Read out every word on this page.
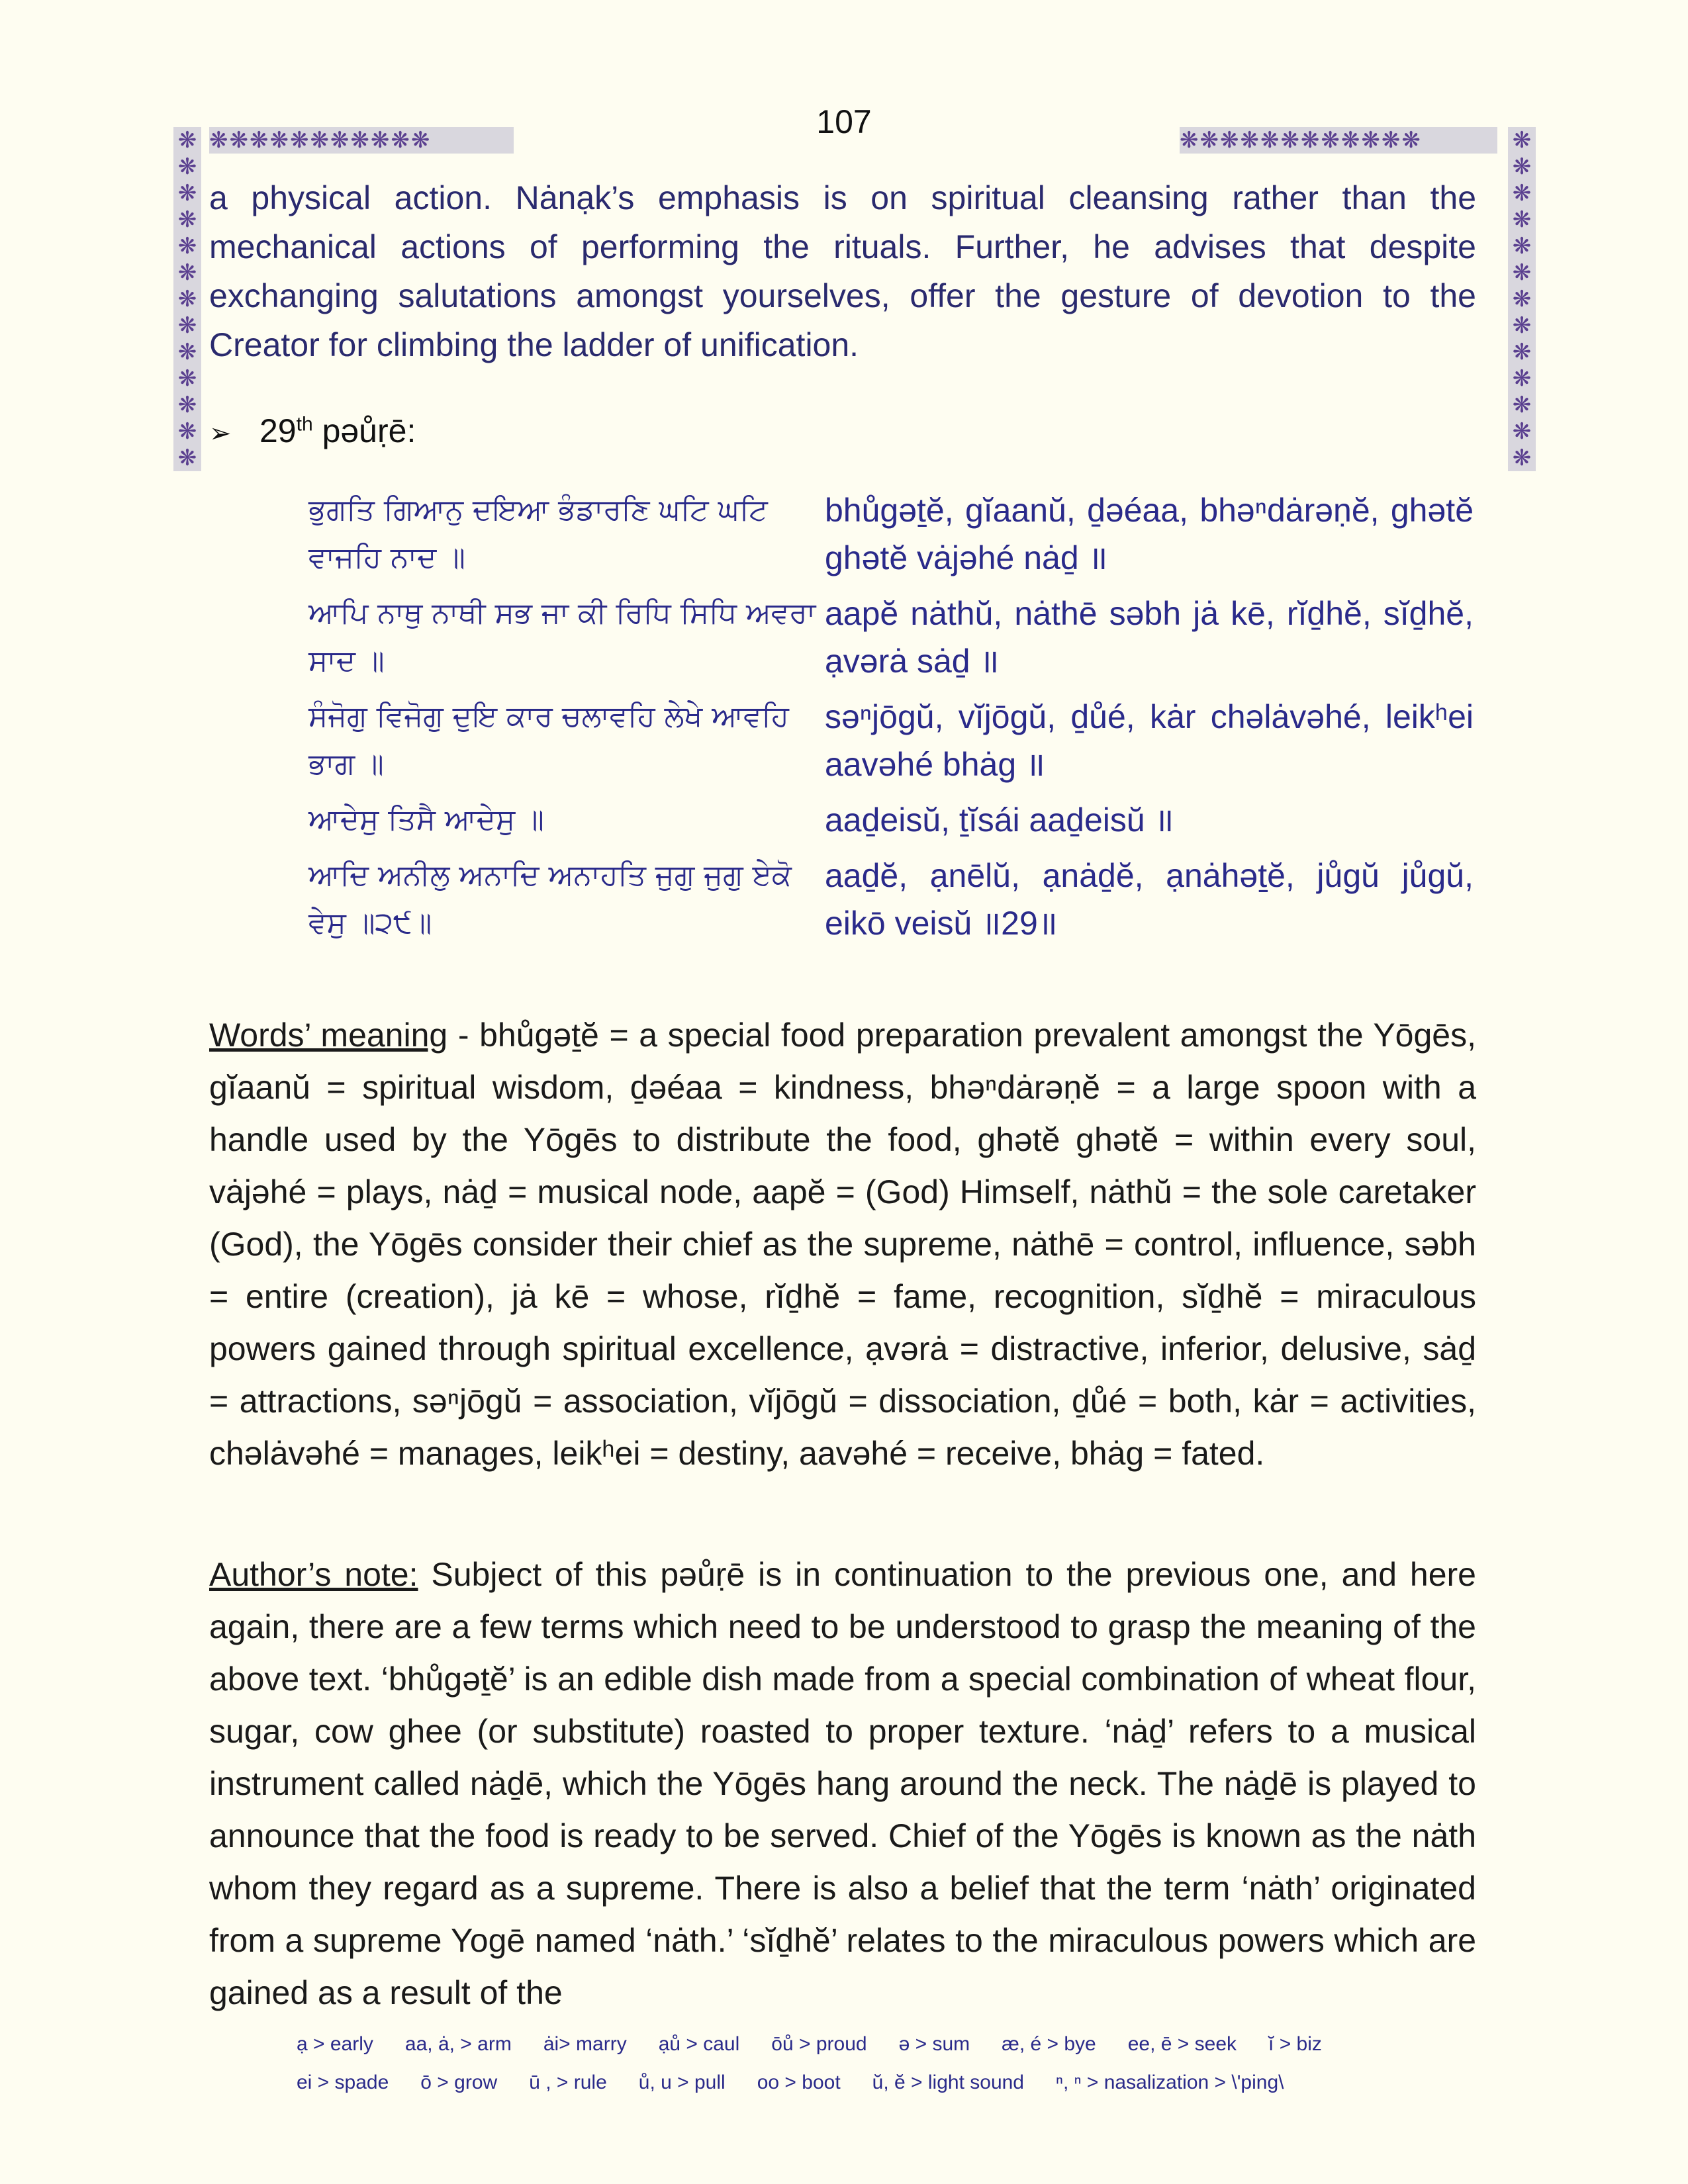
107
❋❋❋❋❋❋❋❋❋❋❋	❋❋❋❋❋❋❋❋❋❋❋❋
❋❋❋❋❋❋❋❋❋❋❋❋❋
❋❋❋❋❋❋❋❋❋❋❋❋❋
a physical action. Nȧnạk’s emphasis is on spiritual cleansing rather than the mechanical actions of performing the rituals. Further, he advises that despite exchanging salutations amongst yourselves, offer the gesture of devotion to the Creator for climbing the ladder of unification.
➢ 29th pəůṛē:
ਭੁਗਤਿ ਗਿਆਨੁ ਦਇਆ ਭੰਡਾਰਣਿ ਘਟਿ ਘਟਿ ਵਾਜਹਿ ਨਾਦ ॥
bhůgəṯĕ, gĭaanŭ, ḏəéaa, bhəⁿdȧrəṇĕ, ghətĕ ghətĕ vȧjəhé nȧḏ ॥
ਆਪਿ ਨਾਥੁ ਨਾਥੀ ਸਭ ਜਾ ਕੀ ਰਿਧਿ ਸਿਧਿ ਅਵਰਾ ਸਾਦ ॥
aapĕ nȧthŭ, nȧthē səbh jȧ kē, rĭḏhĕ, sĭḏhĕ, ạvərȧ sȧḏ ॥
ਸੰਜੋਗੁ ਵਿਜੋਗੁ ਦੁਇ ਕਾਰ ਚਲਾਵਹਿ ਲੇਖੇ ਆਵਹਿ ਭਾਗ ॥
səⁿjōgŭ, vĭjōgŭ, ḏůé, kȧr chəlȧvəhé, leikʰei aavəhé bhȧg ॥
ਆਦੇਸੁ ਤਿਸੈ ਆਦੇਸੁ ॥	aaḏeisŭ, ṯĭsái aaḏeisŭ ॥
ਆਦਿ ਅਨੀਲੁ ਅਨਾਦਿ ਅਨਾਹਤਿ ਜੁਗੁ ਜੁਗੁ ਏਕੋ ਵੇਸੁ ॥੨੯॥
aaḏĕ, ạnēlŭ, ạnȧḏĕ, ạnȧhəṯĕ, jůgŭ jůgŭ, eikō veisŭ ॥29॥
Words’ meaning - bhůgəṯĕ = a special food preparation prevalent amongst the Yōgēs, gĭaanŭ = spiritual wisdom, ḏəéaa = kindness, bhəⁿdȧrəṇĕ = a large spoon with a handle used by the Yōgēs to distribute the food, ghətĕ ghətĕ = within every soul, vȧjəhé = plays, nȧḏ = musical node, aapĕ = (God) Himself, nȧthŭ = the sole caretaker (God), the Yōgēs consider their chief as the supreme, nȧthē = control, influence, səbh = entire (creation), jȧ kē = whose, rĭḏhĕ = fame, recognition, sĭḏhĕ = miraculous powers gained through spiritual excellence, ạvərȧ = distractive, inferior, delusive, sȧḏ = attractions, səⁿjōgŭ = association, vĭjōgŭ = dissociation, ḏůé = both, kȧr = activities, chəlȧvəhé = manages, leikʰei = destiny, aavəhé = receive, bhȧg = fated.
Author’s note: Subject of this pəůṛē is in continuation to the previous one, and here again, there are a few terms which need to be understood to grasp the meaning of the above text. ‘bhůgəṯĕ’ is an edible dish made from a special combination of wheat flour, sugar, cow ghee (or substitute) roasted to proper texture. ‘nȧḏ’ refers to a musical instrument called nȧḏē, which the Yōgēs hang around the neck. The nȧḏē is played to announce that the food is ready to be served. Chief of the Yōgēs is known as the nȧth whom they regard as a supreme. There is also a belief that the term ‘nȧth’ originated from a supreme Yogē named ‘nȧth.’ ‘sĭḏhĕ’ relates to the miraculous powers which are gained as a result of the
ạ > early aa, ȧ, > arm ȧi> marry ạů > caul ōů > proud ə > sum æ, é > bye ee, ē > seek ĭ > biz
ei > spade ō > grow ū , > rule ů, u > pull oo > boot ŭ, ĕ > light sound ⁿ, ⁿ > nasalization > \'ping\
